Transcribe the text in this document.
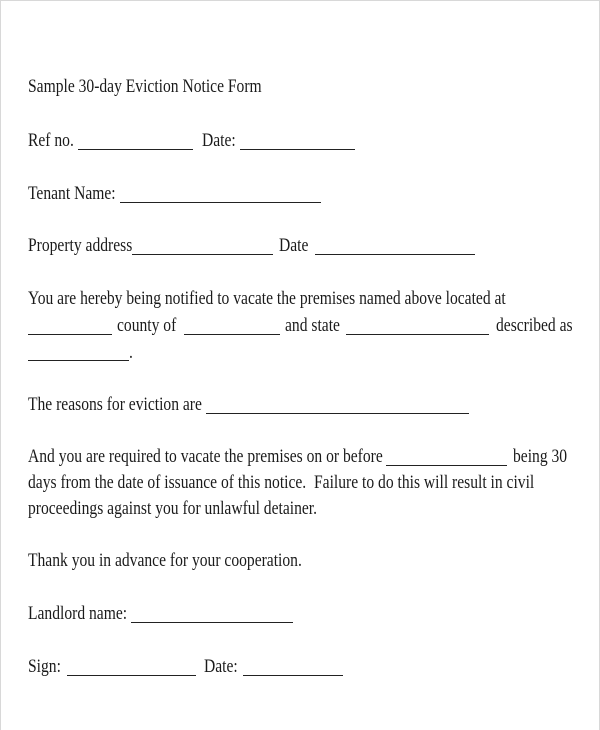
Sample 30-day Eviction Notice Form
Ref no.	Date:
Tenant Name:
Property address	Date
You are hereby being notified to vacate the premises named above located at
county of	and state	described as
.
The reasons for eviction are
And you are required to vacate the premises on or before	being 30
days from the date of issuance of this notice.  Failure to do this will result in civil
proceedings against you for unlawful detainer.
Thank you in advance for your cooperation.
Landlord name:
Sign:	Date:
